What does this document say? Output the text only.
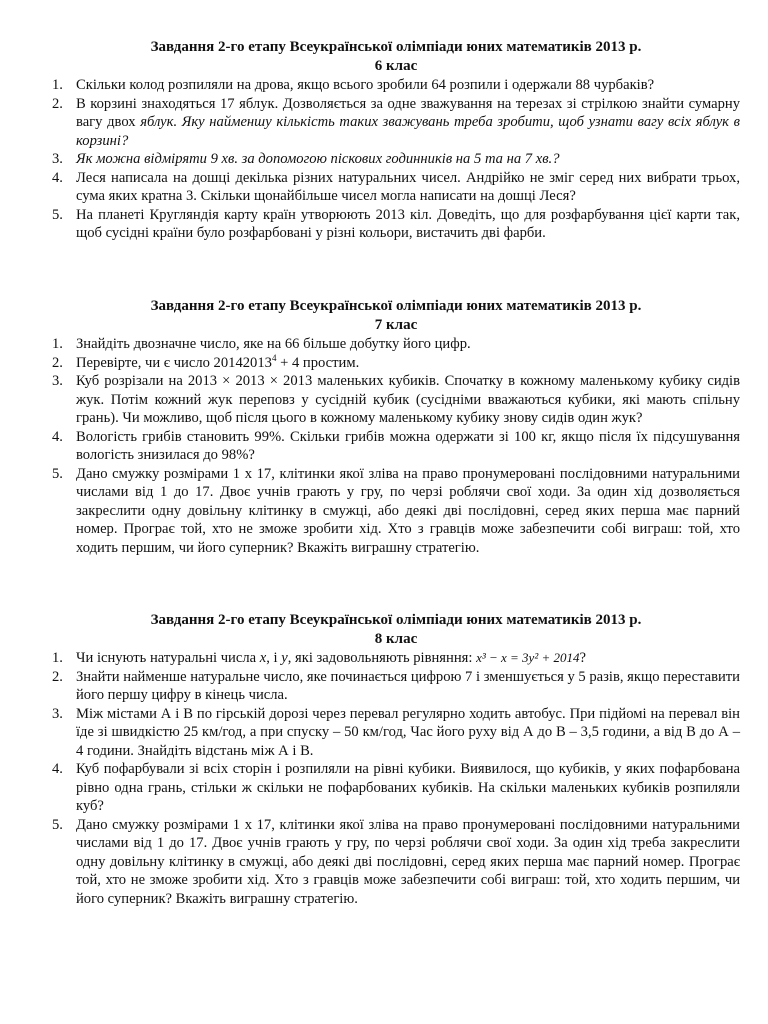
Завдання 2-го етапу Всеукраїнської олімпіади юних математиків 2013 р.

6 клас

1. Скільки колод розпиляли на дрова, якщо всього зробили 64 розпили і одержали 88 чурбаків?
2. В корзині знаходяться 17 яблук. Дозволяється за одне зважування на терезах зі стрілкою знайти сумарну вагу двох яблук. Яку найменшу кількість таких зважувань треба зробити, щоб узнати вагу всіх яблук в корзині?
3. Як можна відміряти 9 хв. за допомогою піскових годинників на 5 та на 7 хв.?
4. Леся написала на дошці декілька різних натуральних чисел. Андрійко не зміг серед них вибрати трьох, сума яких кратна 3. Скільки щонайбільше чисел могла написати на дошці Леся?
5. На планеті Кругляндія карту країн утворюють 2013 кіл. Доведіть, що для розфарбування цієї карти так, щоб сусідні країни було розфарбовані у різні кольори, вистачить дві фарби.

Завдання 2-го етапу Всеукраїнської олімпіади юних математиків 2013 р.

7 клас

1. Знайдіть двозначне число, яке на 66 більше добутку його цифр.
2. Перевірте, чи є число $20142013^4 + 4$ простим.
3. Куб розрізали на 2013 × 2013 × 2013 маленьких кубиків. Спочатку в кожному маленькому кубику сидів жук. Потім кожний жук переповз у сусідній кубик (сусідніми вважаються кубики, які мають спільну грань). Чи можливо, щоб після цього в кожному маленькому кубику знову сидів один жук?
4. Вологість грибів становить 99%. Скільки грибів можна одержати зі 100 кг, якщо після їх підсушування вологість знизилася до 98%?
5. Дано смужку розмірами 1 х 17, клітинки якої зліва на право пронумеровані послідовними натуральними числами від 1 до 17. Двоє учнів грають у гру, по черзі роблячи свої ходи. За один хід дозволяється закреслити одну довільну клітинку в смужці, або деякі дві послідовні, серед яких перша має парний номер. Програє той, хто не зможе зробити хід. Хто з гравців може забезпечити собі виграш: той, хто ходить першим, чи його суперник? Вкажіть виграшну стратегію.

Завдання 2-го етапу Всеукраїнської олімпіади юних математиків 2013 р.

8 клас

1. Чи існують натуральні числа x, і y, які задовольняють рівняння: x³ − x = 3y² + 2014?
2. Знайти найменше натуральне число, яке починається цифрою 7 і зменшується у 5 разів, якщо переставити його першу цифру в кінець числа.
3. Між містами А і В по гірській дорозі через перевал регулярно ходить автобус. При підйомі на перевал він їде зі швидкістю 25 км/год, а при спуску – 50 км/год, Час його руху від А до В – 3,5 години, а від В до А – 4 години. Знайдіть відстань між А і В.
4. Куб пофарбували зі всіх сторін і розпиляли на рівні кубики. Виявилося, що кубиків, у яких пофарбована рівно одна грань, стільки ж скільки не пофарбованих кубиків. На скільки маленьких кубиків розпиляли куб?
5. Дано смужку розмірами 1 х 17, клітинки якої зліва на право пронумеровані послідовними натуральними числами від 1 до 17. Двоє учнів грають у гру, по черзі роблячи свої ходи. За один хід треба закреслити одну довільну клітинку в смужці, або деякі дві послідовні, серед яких перша має парний номер. Програє той, хто не зможе зробити хід. Хто з гравців може забезпечити собі виграш: той, хто ходить першим, чи його суперник? Вкажіть виграшну стратегію.
